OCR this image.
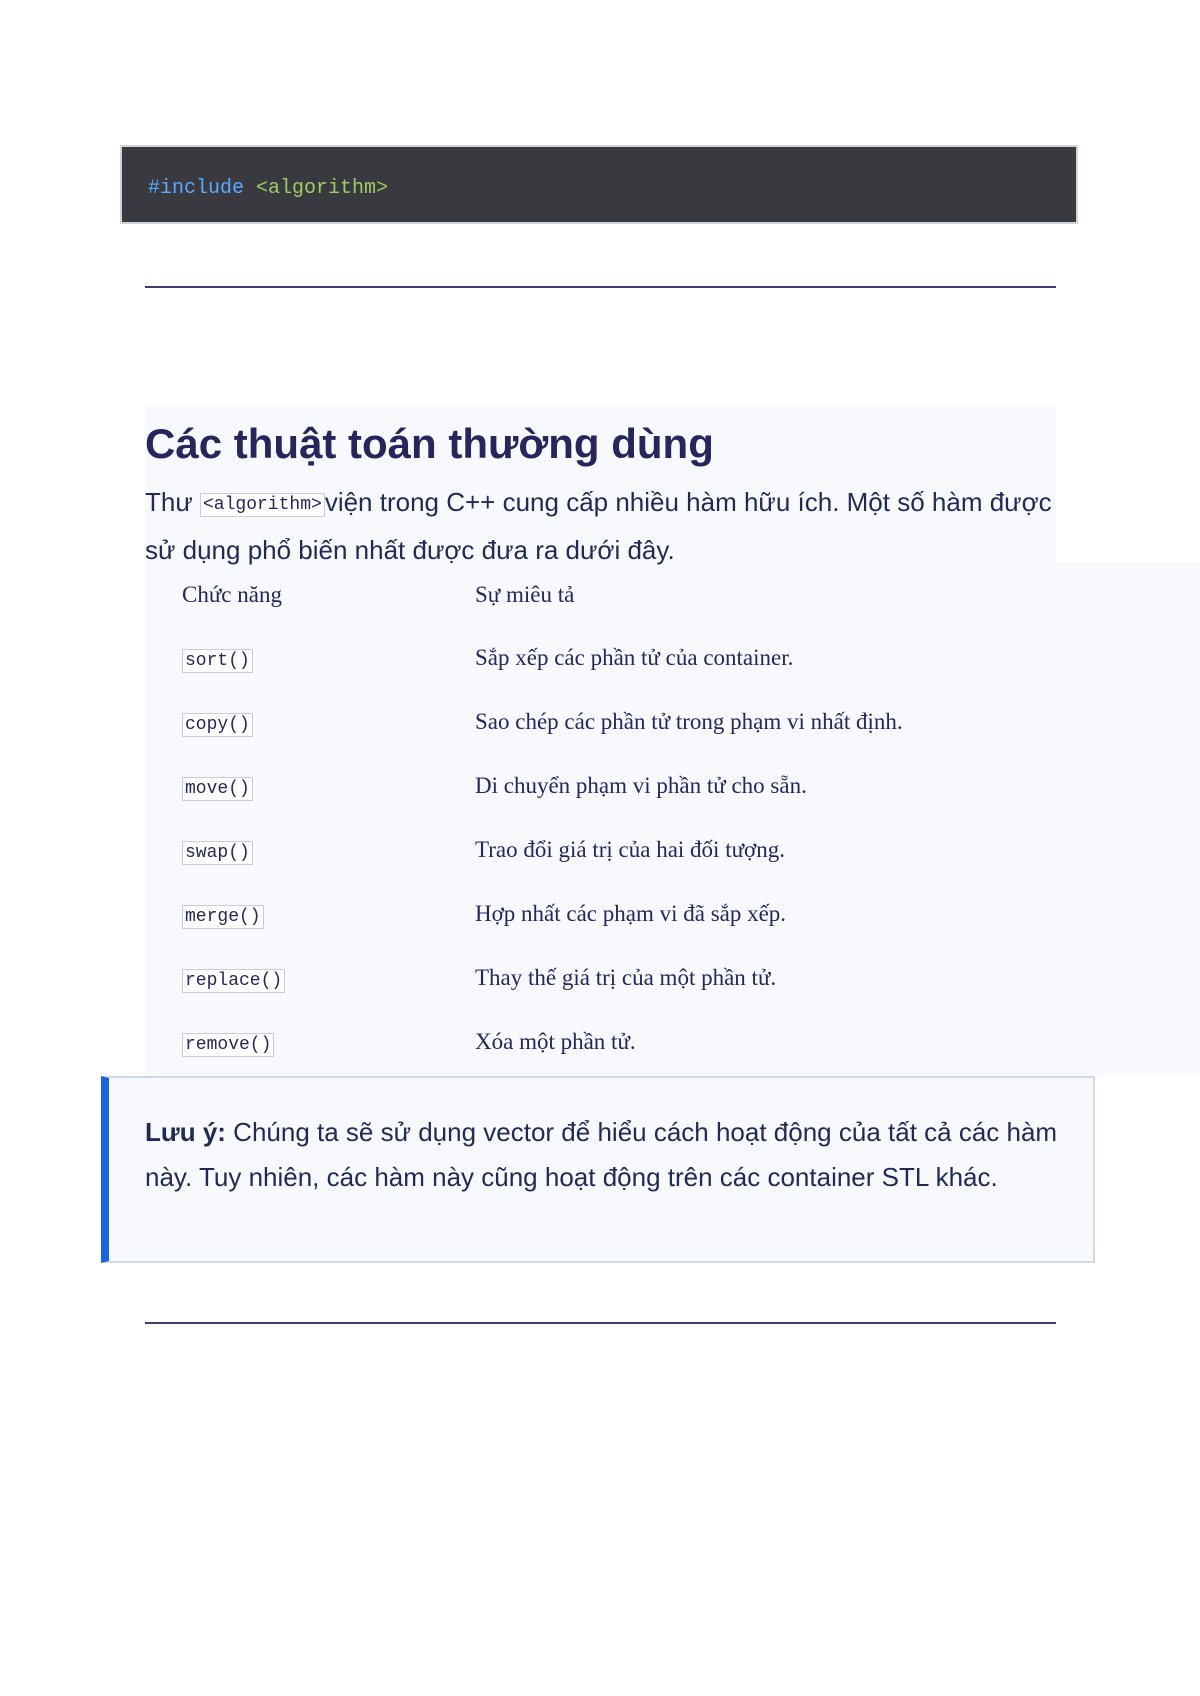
#include <algorithm>
Các thuật toán thường dùng

Thư <algorithm> viện trong C++ cung cấp nhiều hàm hữu ích. Một số hàm được sử dụng phổ biến nhất được đưa ra dưới đây.

Chức năng	Sự miêu tả
sort()	Sắp xếp các phần tử của container.
copy()	Sao chép các phần tử trong phạm vi nhất định.
move()	Di chuyển phạm vi phần tử cho sẵn.
swap()	Trao đổi giá trị của hai đối tượng.
merge()	Hợp nhất các phạm vi đã sắp xếp.
replace()	Thay thế giá trị của một phần tử.
remove()	Xóa một phần tử.

Lưu ý: Chúng ta sẽ sử dụng vector để hiểu cách hoạt động của tất cả các hàm này. Tuy nhiên, các hàm này cũng hoạt động trên các container STL khác.
